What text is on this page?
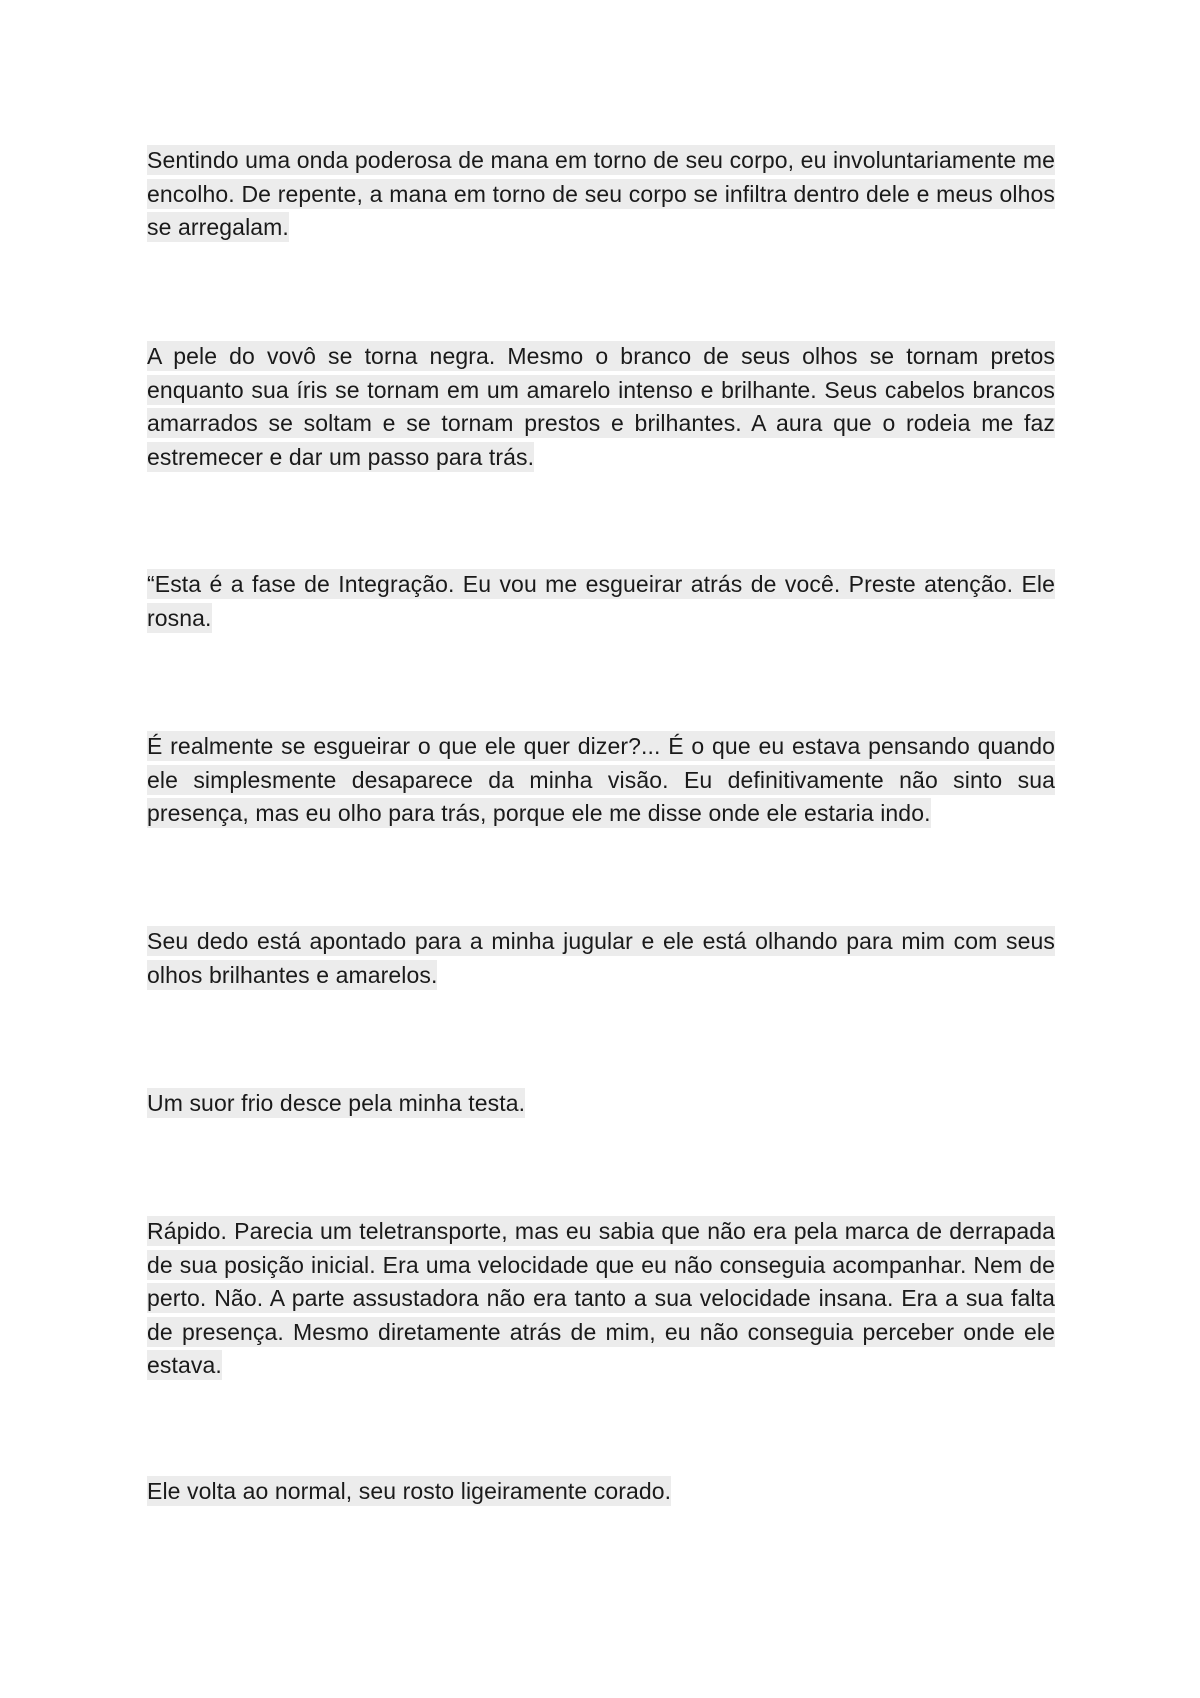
Sentindo uma onda poderosa de mana em torno de seu corpo, eu involuntariamente me encolho. De repente, a mana em torno de seu corpo se infiltra dentro dele e meus olhos se arregalam.

A pele do vovô se torna negra. Mesmo o branco de seus olhos se tornam pretos enquanto sua íris se tornam em um amarelo intenso e brilhante. Seus cabelos brancos amarrados se soltam e se tornam prestos e brilhantes. A aura que o rodeia me faz estremecer e dar um passo para trás.

“Esta é a fase de Integração. Eu vou me esgueirar atrás de você. Preste atenção. Ele rosna.

É realmente se esgueirar o que ele quer dizer?... É o que eu estava pensando quando ele simplesmente desaparece da minha visão. Eu definitivamente não sinto sua presença, mas eu olho para trás, porque ele me disse onde ele estaria indo.

Seu dedo está apontado para a minha jugular e ele está olhando para mim com seus olhos brilhantes e amarelos.

Um suor frio desce pela minha testa.

Rápido. Parecia um teletransporte, mas eu sabia que não era pela marca de derrapada de sua posição inicial. Era uma velocidade que eu não conseguia acompanhar. Nem de perto. Não. A parte assustadora não era tanto a sua velocidade insana. Era a sua falta de presença. Mesmo diretamente atrás de mim, eu não conseguia perceber onde ele estava.

Ele volta ao normal, seu rosto ligeiramente corado.
